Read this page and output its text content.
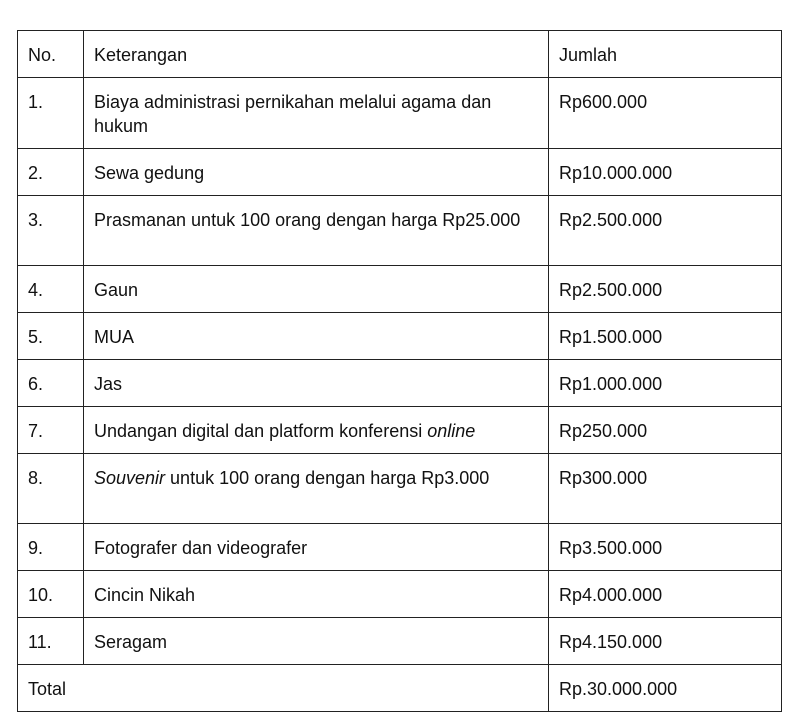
No.	Keterangan	Jumlah
1.	Biaya administrasi pernikahan melalui agama dan hukum	Rp600.000
2.	Sewa gedung	Rp10.000.000
3.	Prasmanan untuk 100 orang dengan harga Rp25.000	Rp2.500.000
4.	Gaun	Rp2.500.000
5.	MUA	Rp1.500.000
6.	Jas	Rp1.000.000
7.	Undangan digital dan platform konferensi online	Rp250.000
8.	Souvenir untuk 100 orang dengan harga Rp3.000	Rp300.000
9.	Fotografer dan videografer	Rp3.500.000
10.	Cincin Nikah	Rp4.000.000
11.	Seragam	Rp4.150.000
Total		Rp.30.000.000
